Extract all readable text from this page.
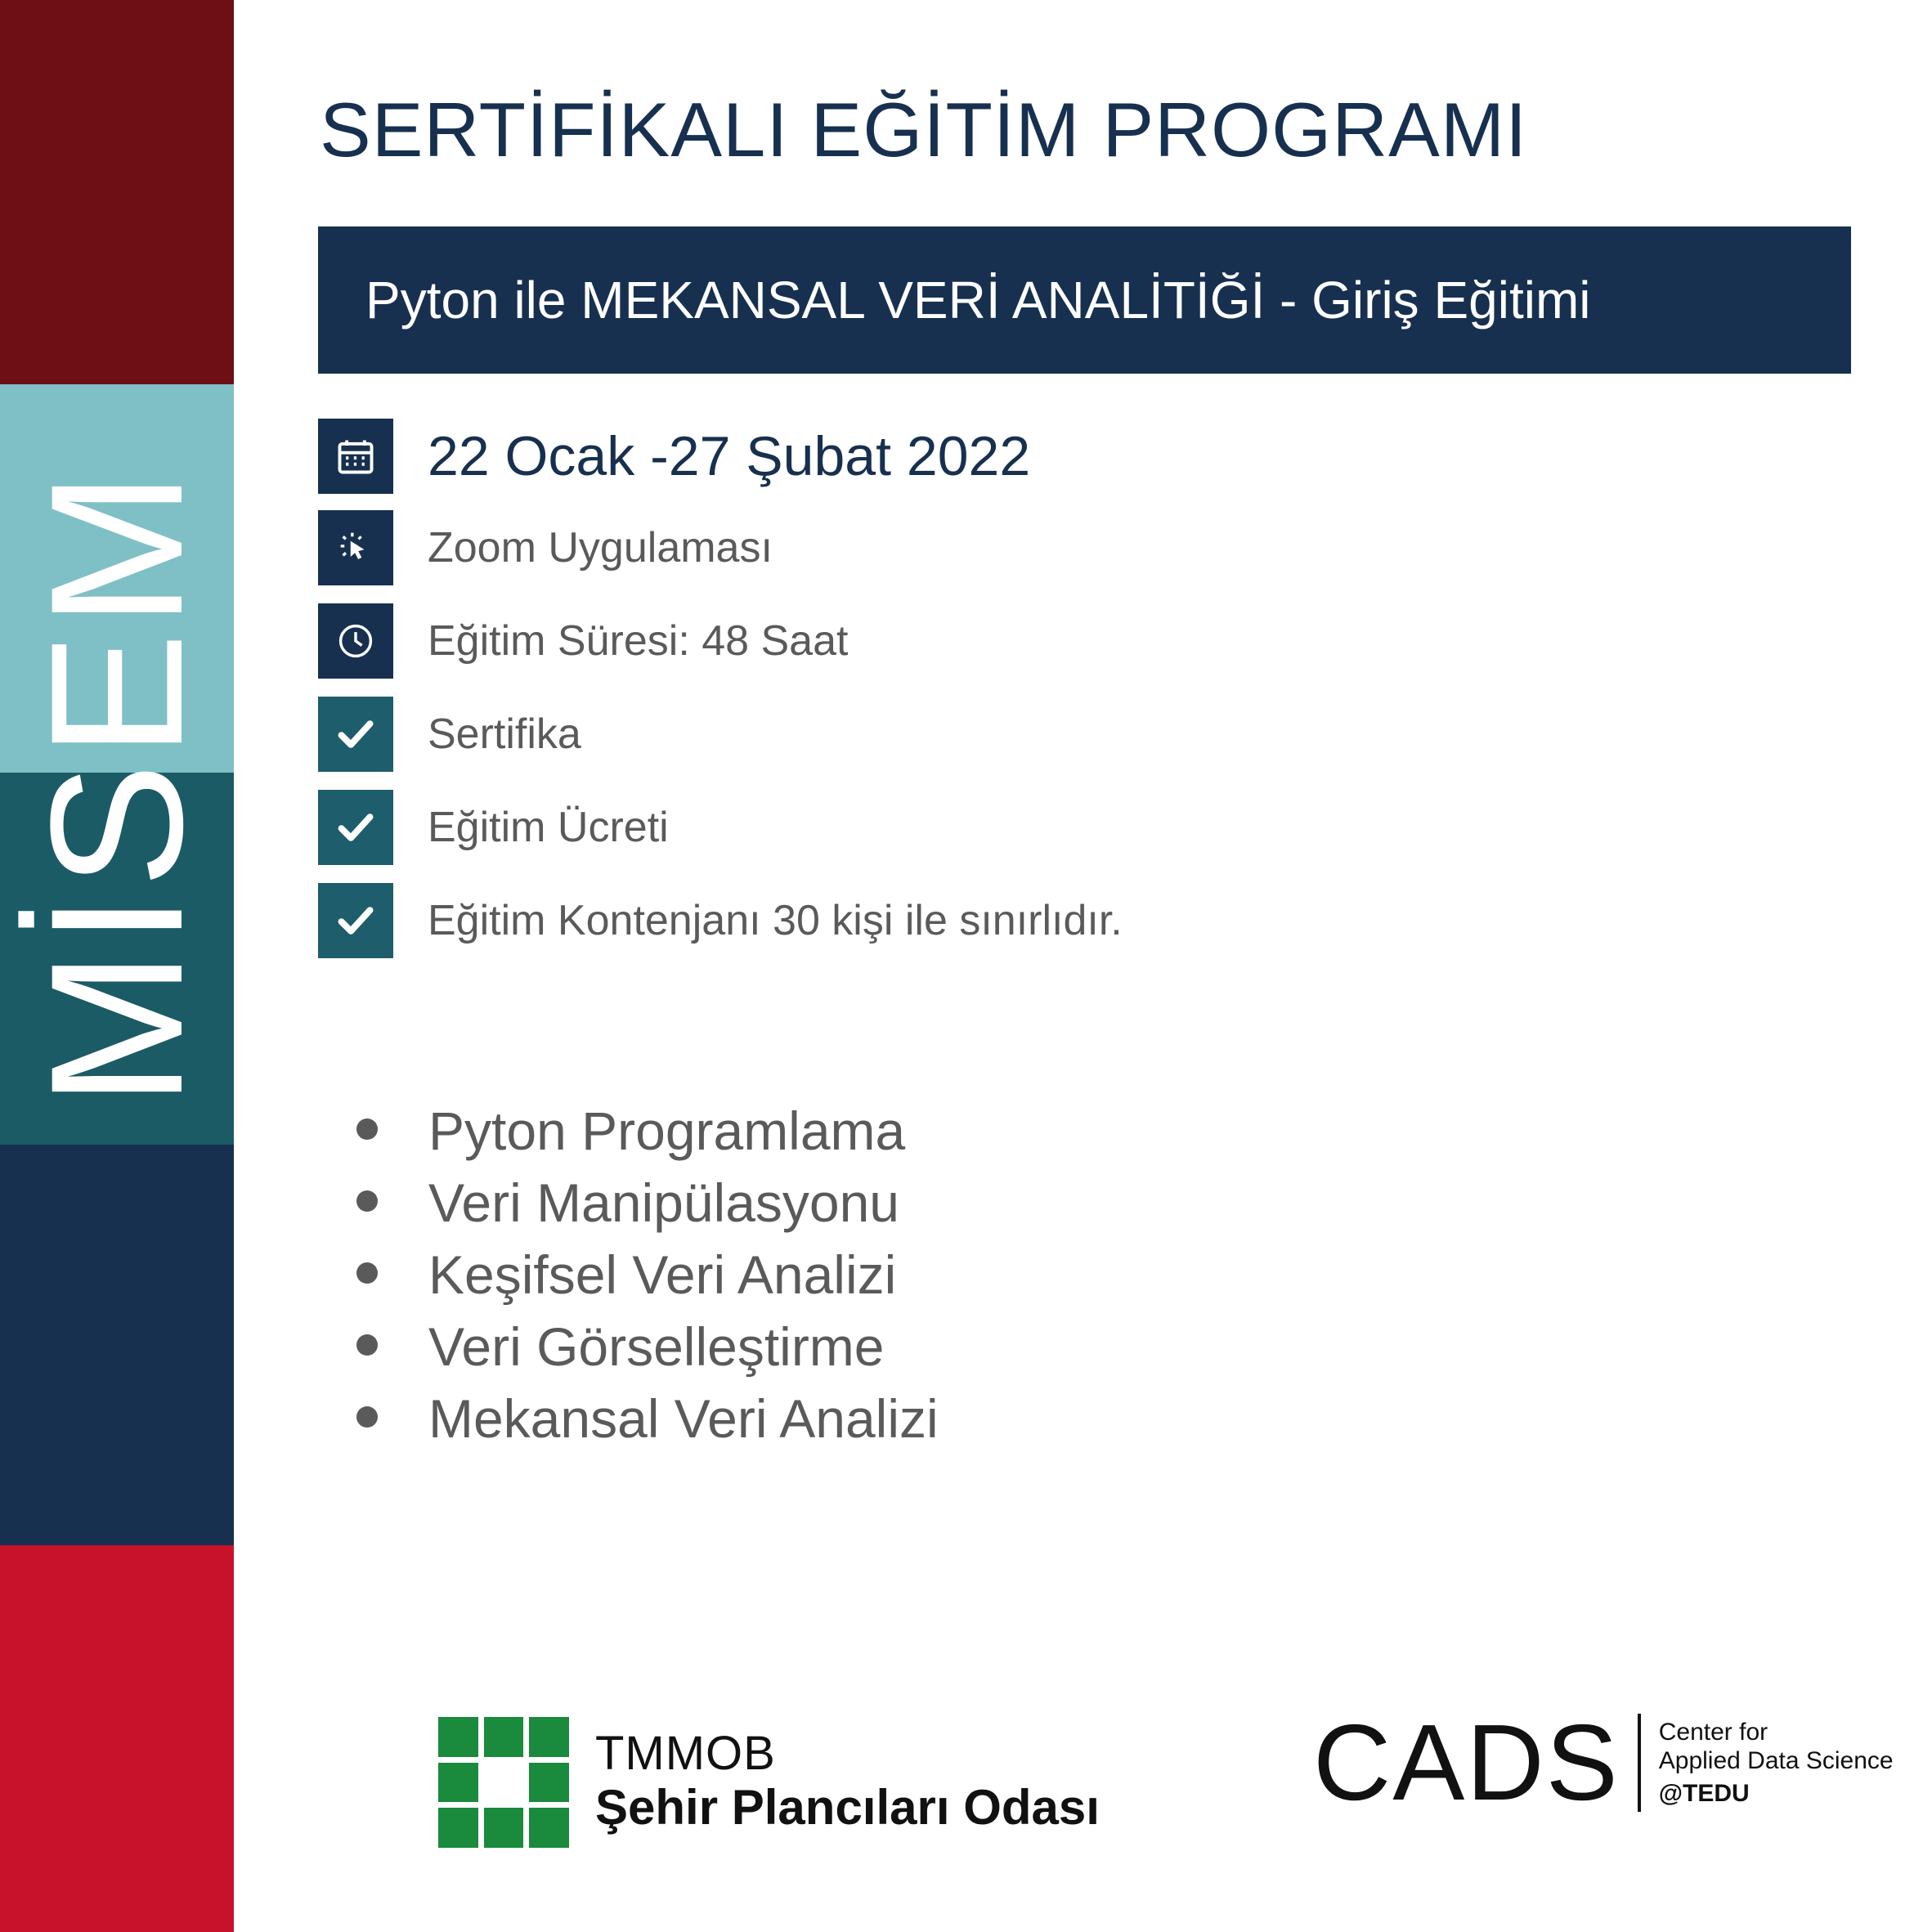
MİSEM
SERTİFİKALI EĞİTİM PROGRAMI
Pyton ile MEKANSAL VERİ ANALİTİĞİ - Giriş Eğitimi
22 Ocak -27 Şubat 2022
Zoom Uygulaması
Eğitim Süresi: 48 Saat
Sertifika
Eğitim Ücreti
Eğitim Kontenjanı 30 kişi ile sınırlıdır.
Pyton Programlama
Veri Manipülasyonu
Keşifsel Veri Analizi
Veri Görselleştirme
Mekansal Veri Analizi
TMMOB
Şehir Plancıları Odası CADS Center for
Applied Data Science
@TEDU
